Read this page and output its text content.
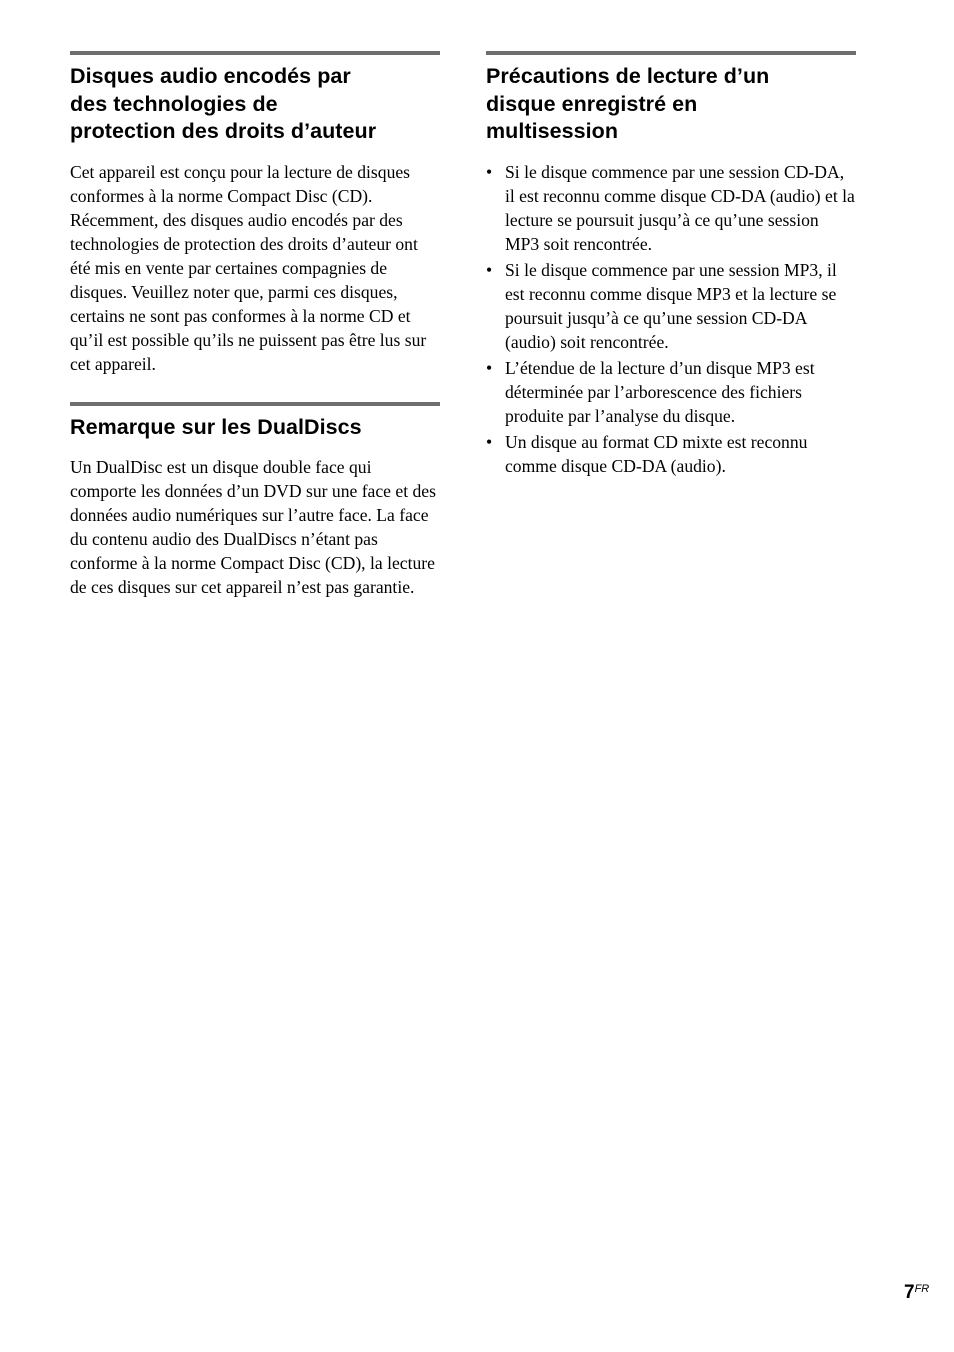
Disques audio encodés par
des technologies de
protection des droits d’auteur

Cet appareil est conçu pour la lecture de disques conformes à la norme Compact Disc (CD). Récemment, des disques audio encodés par des technologies de protection des droits d’auteur ont été mis en vente par certaines compagnies de disques. Veuillez noter que, parmi ces disques, certains ne sont pas conformes à la norme CD et qu’il est possible qu’ils ne puissent pas être lus sur cet appareil.

Remarque sur les DualDiscs

Un DualDisc est un disque double face qui comporte les données d’un DVD sur une face et des données audio numériques sur l’autre face. La face du contenu audio des DualDiscs n’étant pas conforme à la norme Compact Disc (CD), la lecture de ces disques sur cet appareil n’est pas garantie.

Précautions de lecture d’un
disque enregistré en
multisession
• Si le disque commence par une session CD-DA, il est reconnu comme disque CD-DA (audio) et la lecture se poursuit jusqu’à ce qu’une session MP3 soit rencontrée.
• Si le disque commence par une session MP3, il est reconnu comme disque MP3 et la lecture se poursuit jusqu’à ce qu’une session CD-DA (audio) soit rencontrée.
• L’étendue de la lecture d’un disque MP3 est déterminée par l’arborescence des fichiers produite par l’analyse du disque.
• Un disque au format CD mixte est reconnu comme disque CD-DA (audio).
$7^{FR}$
